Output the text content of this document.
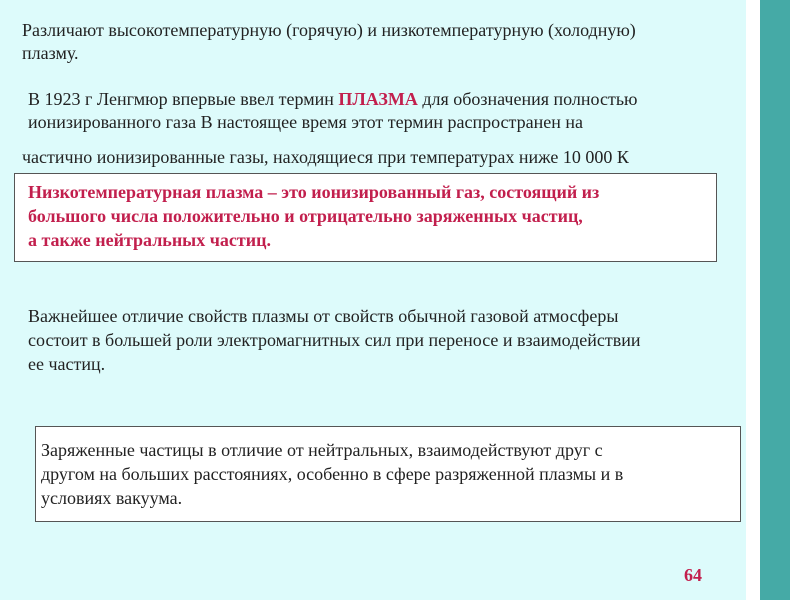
Различают высокотемпературную (горячую) и низкотемпературную (холодную)
плазму.
В 1923 г Ленгмюр впервые ввел термин ПЛАЗМА для обозначения полностью
ионизированного газа В настоящее время этот термин распространен на
частично ионизированные газы, находящиеся при температурах ниже 10 000 К
Низкотемпературная плазма – это ионизированный газ, состоящий из
большого числа положительно и отрицательно заряженных частиц,
а также нейтральных частиц.
Важнейшее отличие свойств плазмы от свойств обычной газовой атмосферы
состоит в большей роли электромагнитных сил при переносе и взаимодействии
ее частиц.
Заряженные частицы в отличие от нейтральных, взаимодействуют друг с
другом на больших расстояниях, особенно в сфере разряженной плазмы и в
условиях вакуума.
64
